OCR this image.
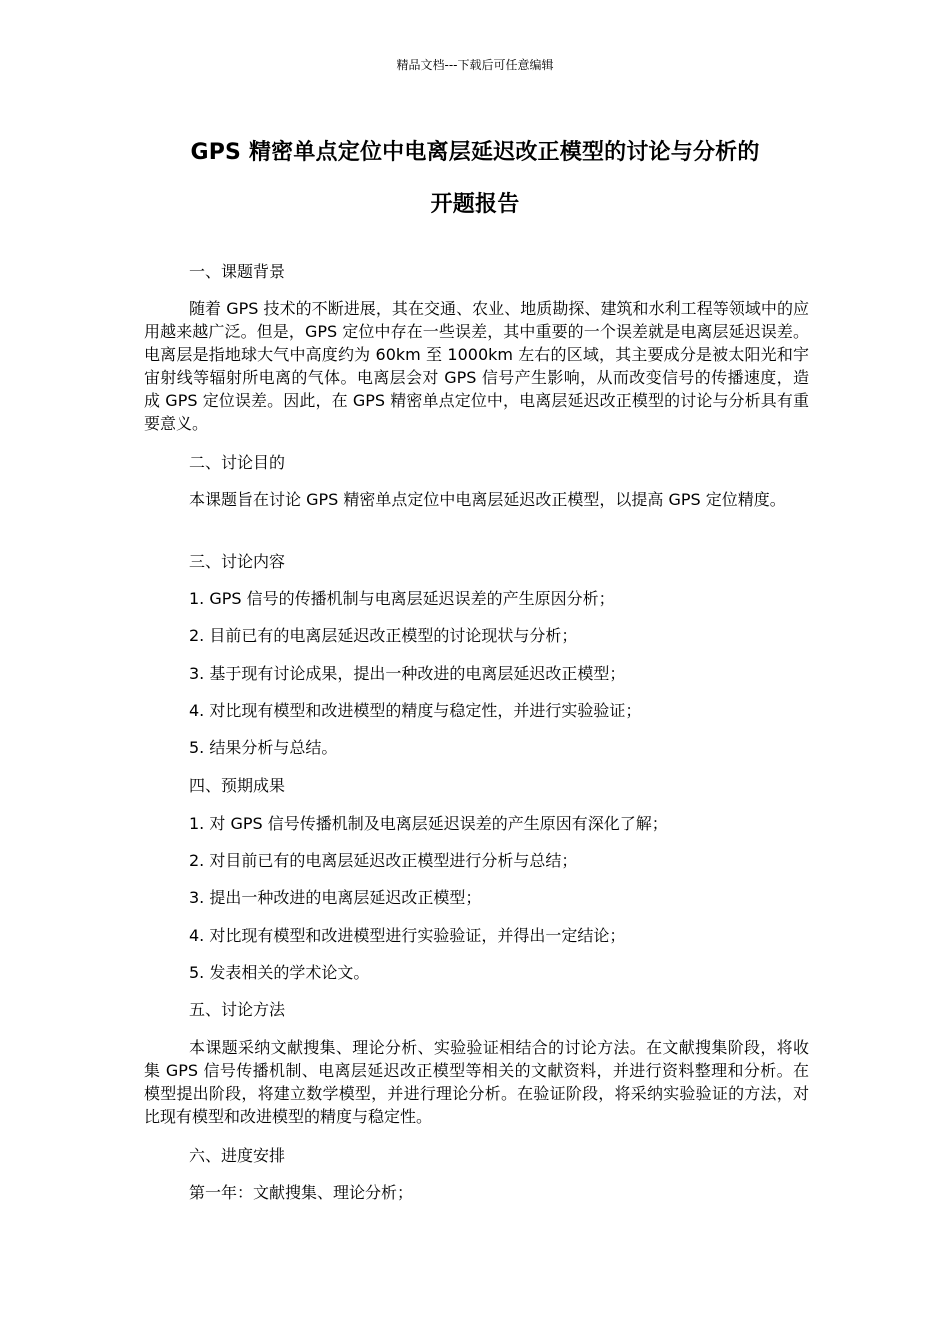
精品文档---下载后可任意编辑
GPS 精密单点定位中电离层延迟改正模型的讨论与分析的
开题报告

一、课题背景

随着 GPS 技术的不断进展，其在交通、农业、地质勘探、建筑和水利工程等领域中的应用越来越广泛。但是，GPS 定位中存在一些误差，其中重要的一个误差就是电离层延迟误差。电离层是指地球大气中高度约为 60km 至 1000km 左右的区域，其主要成分是被太阳光和宇宙射线等辐射所电离的气体。电离层会对 GPS 信号产生影响，从而改变信号的传播速度，造成 GPS 定位误差。因此，在 GPS 精密单点定位中，电离层延迟改正模型的讨论与分析具有重要意义。

二、讨论目的

本课题旨在讨论 GPS 精密单点定位中电离层延迟改正模型，以提高 GPS 定位精度。

三、讨论内容

1. GPS 信号的传播机制与电离层延迟误差的产生原因分析；

2. 目前已有的电离层延迟改正模型的讨论现状与分析；

3. 基于现有讨论成果，提出一种改进的电离层延迟改正模型；

4. 对比现有模型和改进模型的精度与稳定性，并进行实验验证；

5. 结果分析与总结。

四、预期成果

1. 对 GPS 信号传播机制及电离层延迟误差的产生原因有深化了解；

2. 对目前已有的电离层延迟改正模型进行分析与总结；

3. 提出一种改进的电离层延迟改正模型；

4. 对比现有模型和改进模型进行实验验证，并得出一定结论；

5. 发表相关的学术论文。

五、讨论方法

本课题采纳文献搜集、理论分析、实验验证相结合的讨论方法。在文献搜集阶段，将收集 GPS 信号传播机制、电离层延迟改正模型等相关的文献资料，并进行资料整理和分析。在模型提出阶段，将建立数学模型，并进行理论分析。在验证阶段，将采纳实验验证的方法，对比现有模型和改进模型的精度与稳定性。

六、进度安排

第一年：文献搜集、理论分析；
